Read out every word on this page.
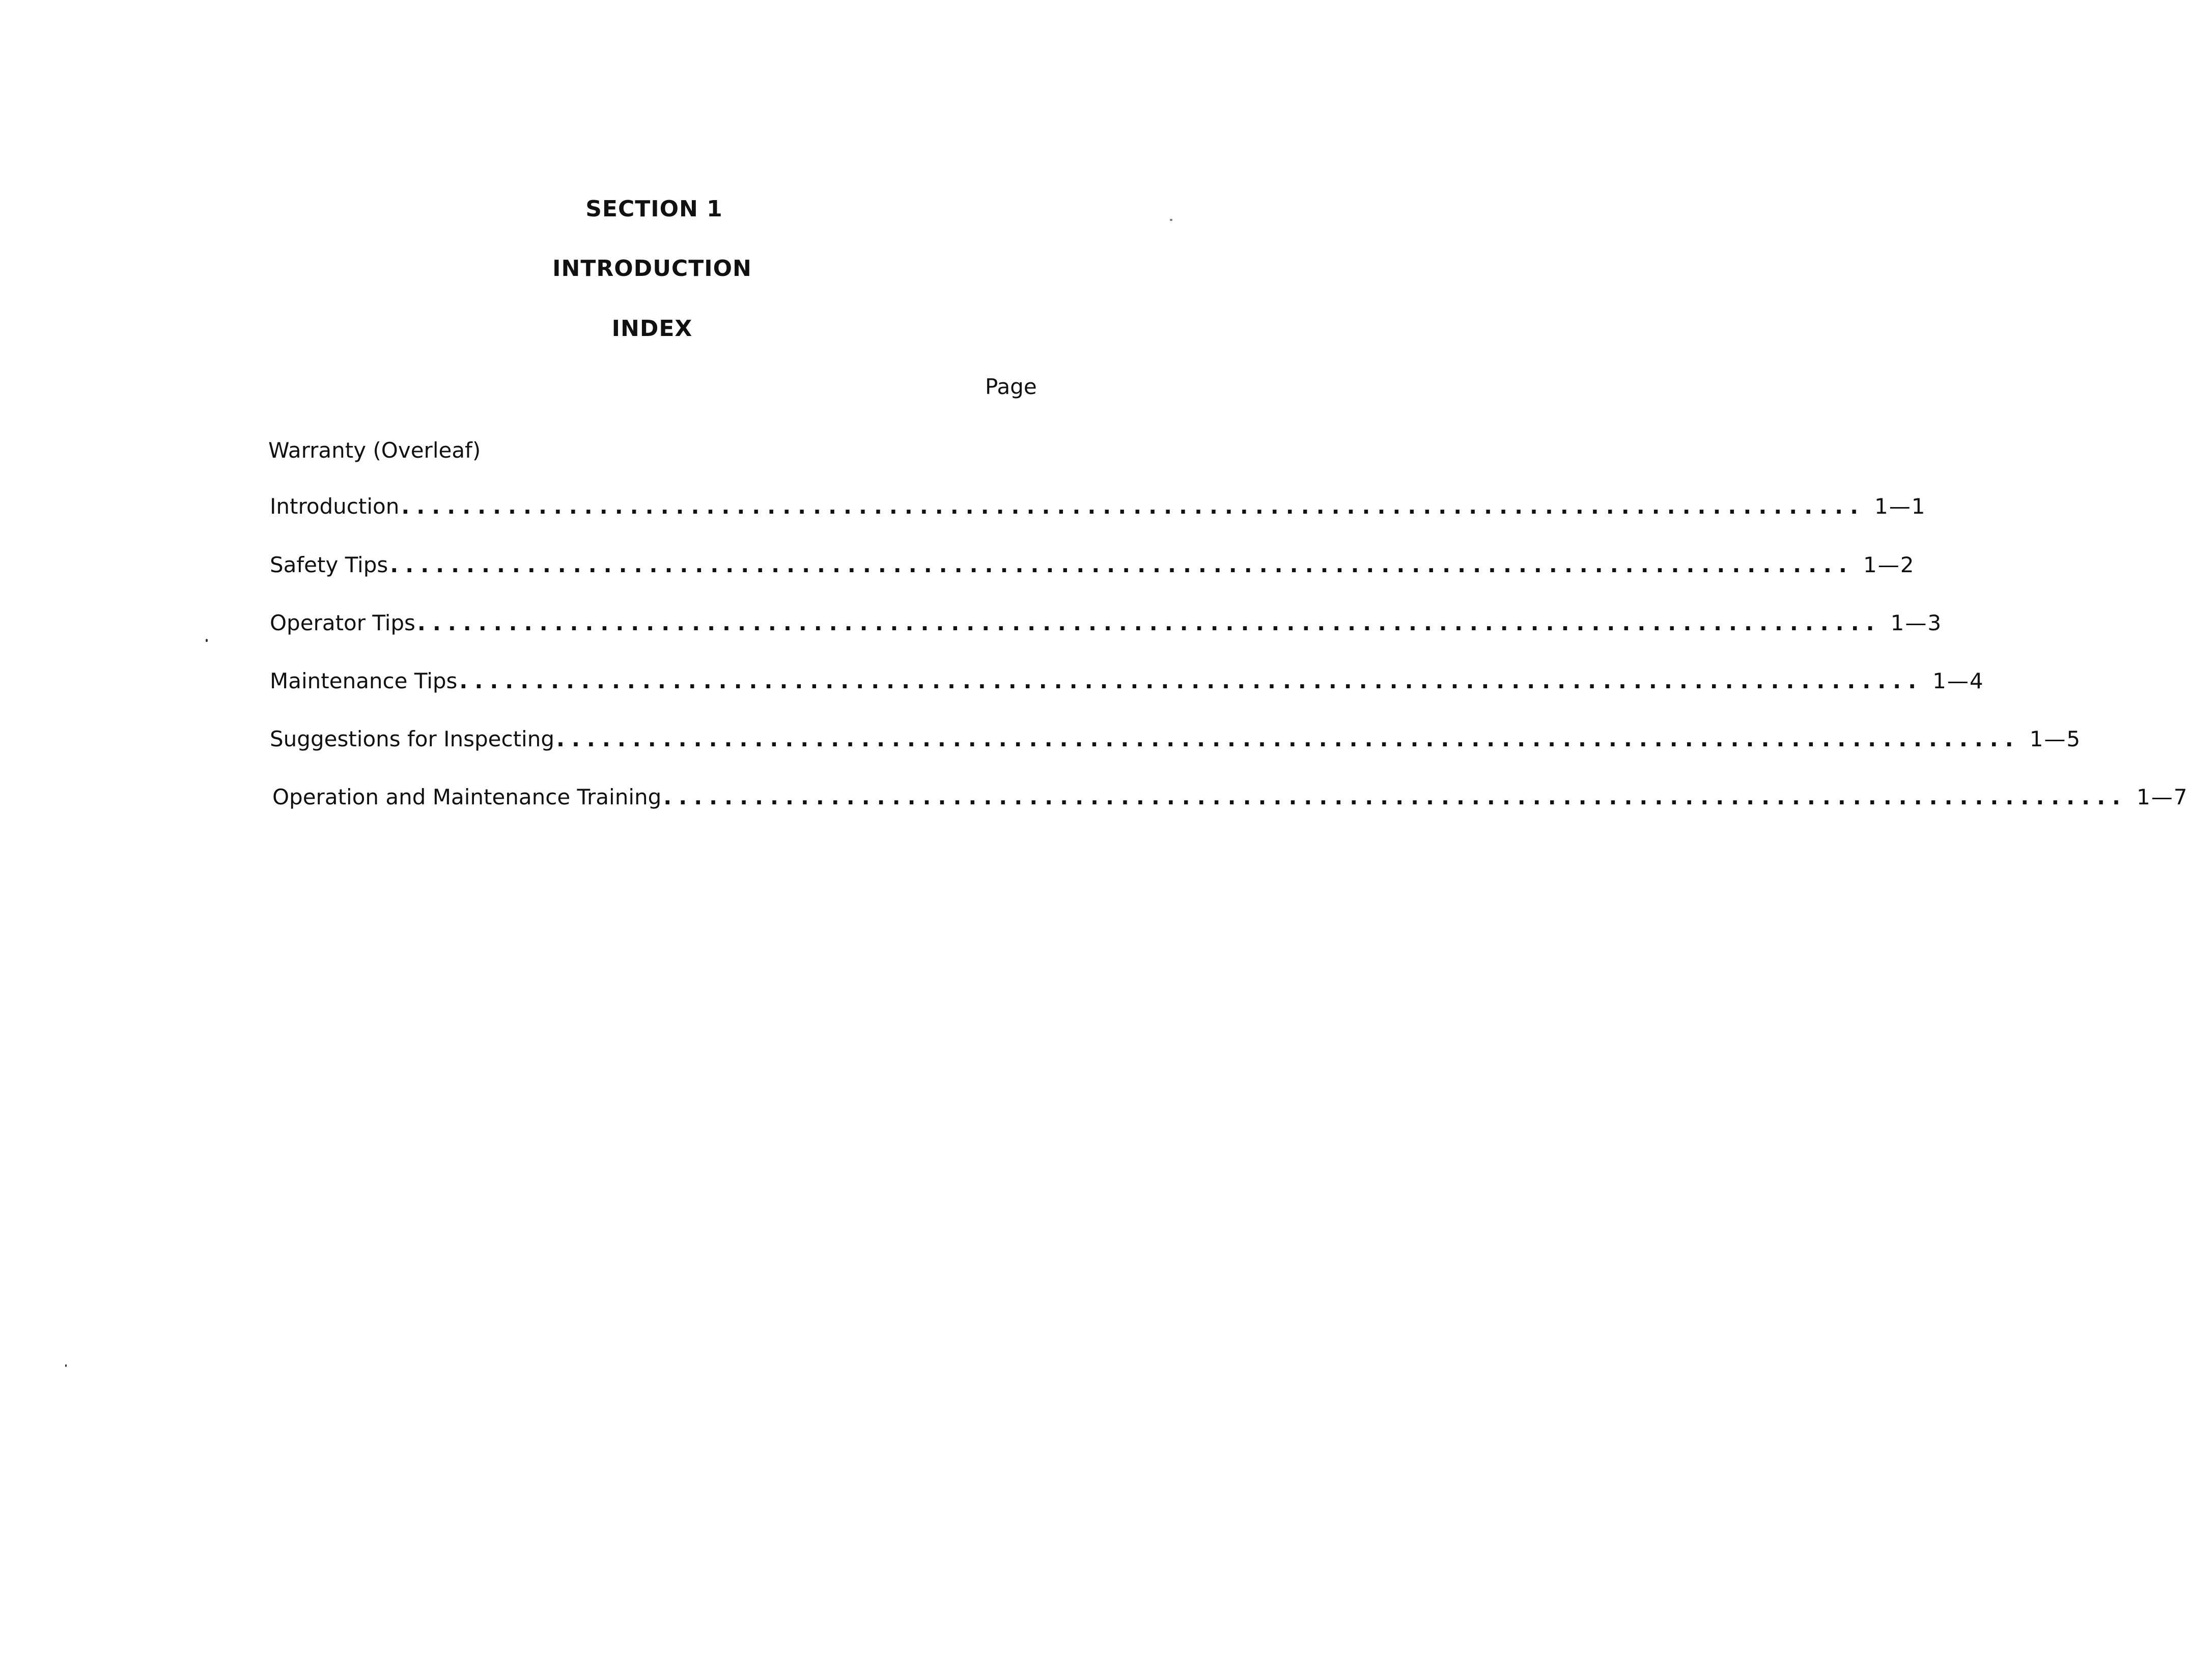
SECTION 1
INTRODUCTION
INDEX
Page
Warranty (Overleaf)
Introduction ................................................................................................ 1—1
Safety Tips ................................................................................................ 1—2
Operator Tips ................................................................................................ 1—3
Maintenance Tips ................................................................................................ 1—4
Suggestions for Inspecting ................................................................................................ 1—5
Operation and Maintenance Training ................................................................................................ 1—7
